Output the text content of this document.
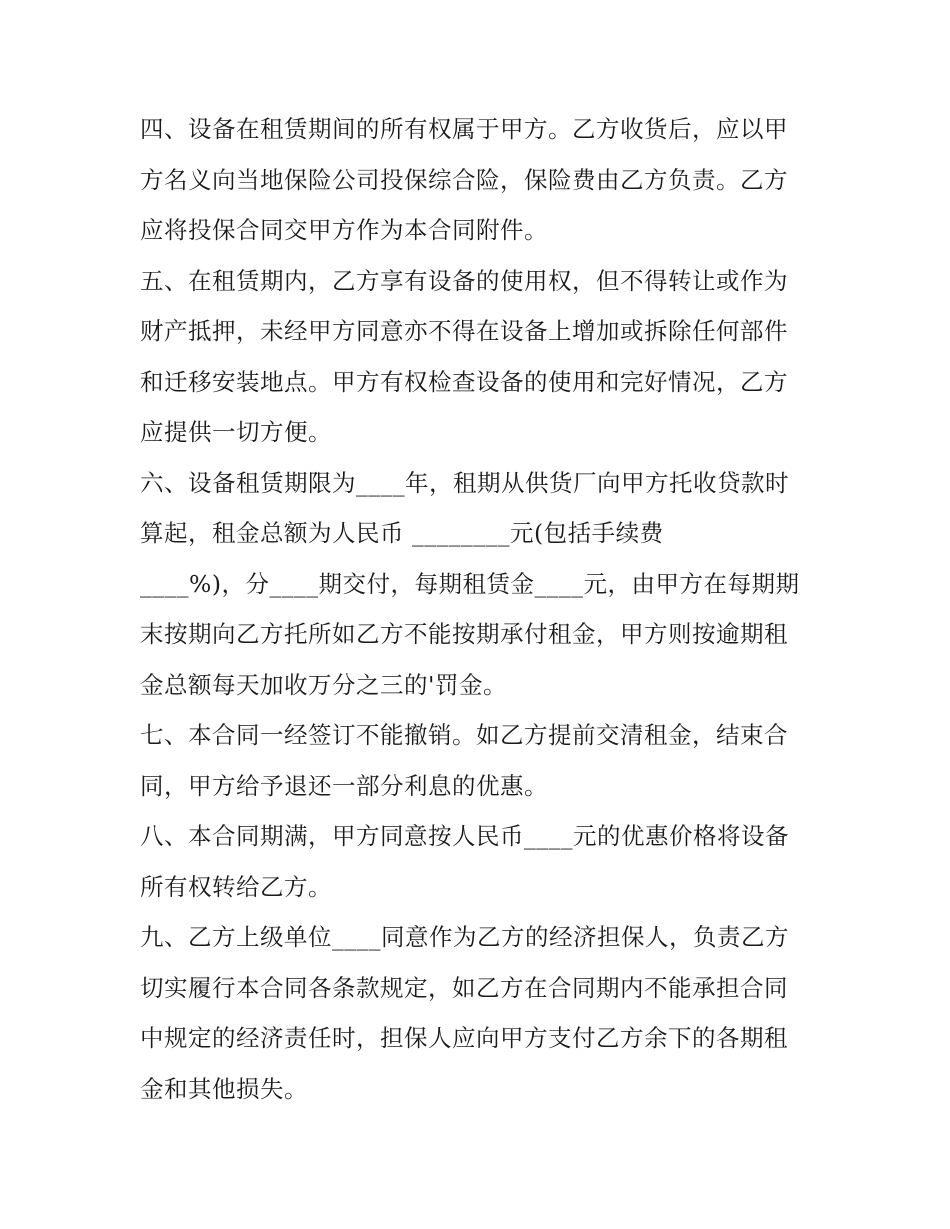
四、设备在租赁期间的所有权属于甲方。乙方收货后，应以甲
方名义向当地保险公司投保综合险，保险费由乙方负责。乙方
应将投保合同交甲方作为本合同附件。
五、在租赁期内，乙方享有设备的使用权，但不得转让或作为
财产抵押，未经甲方同意亦不得在设备上增加或拆除任何部件
和迁移安装地点。甲方有权检查设备的使用和完好情况，乙方
应提供一切方便。
六、设备租赁期限为____年，租期从供货厂向甲方托收贷款时
算起，租金总额为人民币 ________元(包括手续费
____%)，分____期交付，每期租赁金____元，由甲方在每期期
末按期向乙方托所如乙方不能按期承付租金，甲方则按逾期租
金总额每天加收万分之三的'罚金。
七、本合同一经签订不能撤销。如乙方提前交清租金，结束合
同，甲方给予退还一部分利息的优惠。
八、本合同期满，甲方同意按人民币____元的优惠价格将设备
所有权转给乙方。
九、乙方上级单位____同意作为乙方的经济担保人，负责乙方
切实履行本合同各条款规定，如乙方在合同期内不能承担合同
中规定的经济责任时，担保人应向甲方支付乙方余下的各期租
金和其他损失。
